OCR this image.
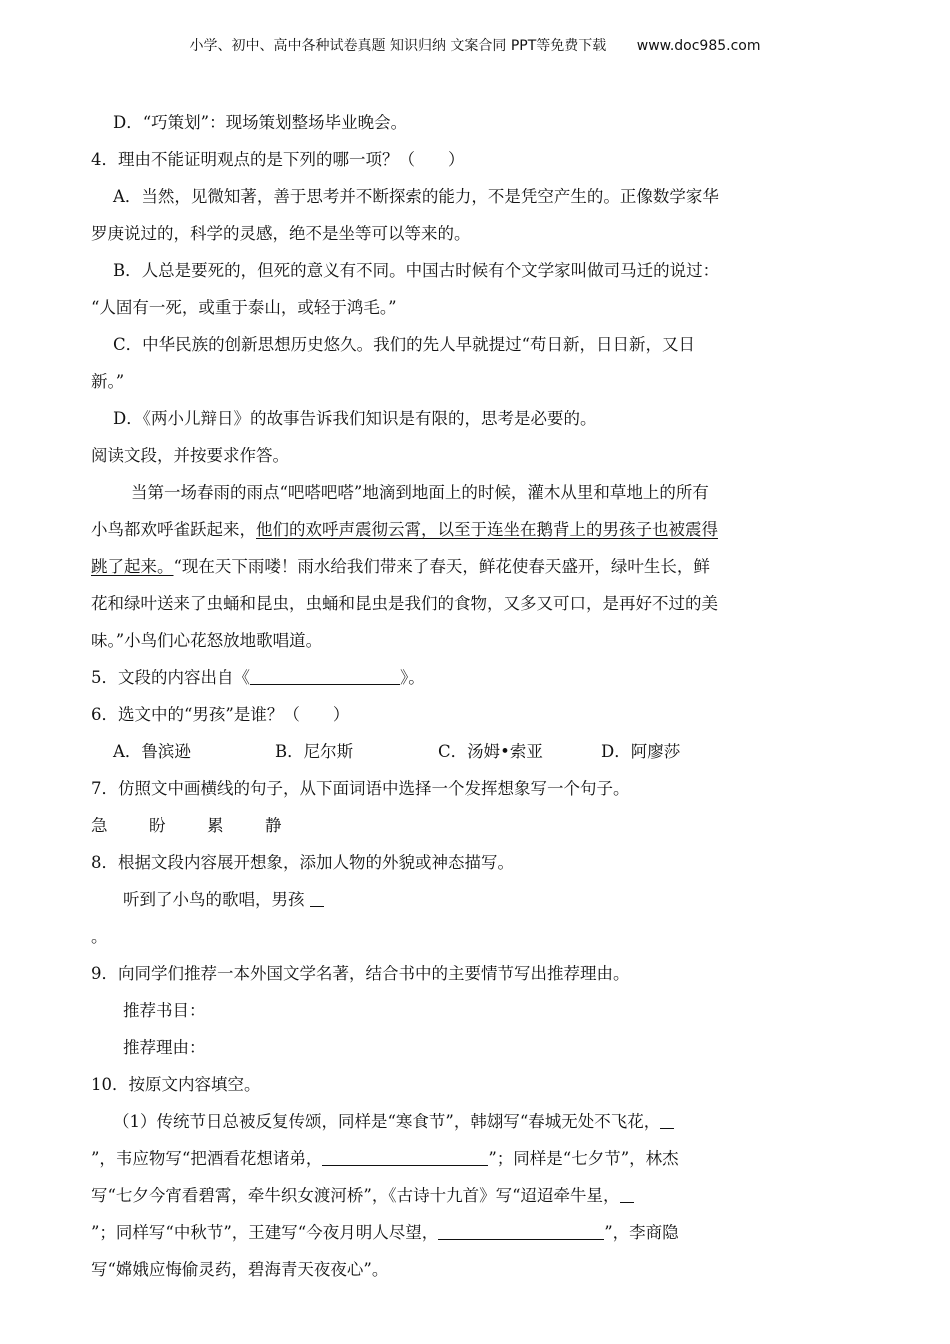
小学、初中、高中各种试卷真题 知识归纳 文案合同 PPT等免费下载 www.doc985.com
D．“巧策划”：现场策划整场毕业晚会。
4．理由不能证明观点的是下列的哪一项？（　　）
A．当然，见微知著，善于思考并不断探索的能力，不是凭空产生的。正像数学家华
罗庚说过的，科学的灵感，绝不是坐等可以等来的。
B．人总是要死的，但死的意义有不同。中国古时候有个文学家叫做司马迁的说过：
“人固有一死，或重于泰山，或轻于鸿毛。”
C．中华民族的创新思想历史悠久。我们的先人早就提过“苟日新，日日新，又日
新。”
D．《两小儿辩日》的故事告诉我们知识是有限的，思考是必要的。
阅读文段，并按要求作答。
当第一场春雨的雨点“吧嗒吧嗒”地滴到地面上的时候，灌木从里和草地上的所有
小鸟都欢呼雀跃起来，他们的欢呼声震彻云霄，以至于连坐在鹅背上的男孩子也被震得
跳了起来。“现在天下雨喽！雨水给我们带来了春天，鲜花使春天盛开，绿叶生长，鲜
花和绿叶送来了虫蛹和昆虫，虫蛹和昆虫是我们的食物，又多又可口，是再好不过的美
味。”小鸟们心花怒放地歌唱道。
5．文段的内容出自《	》。
6．选文中的“男孩”是谁？（　　）
A．鲁滨逊	B．尼尔斯	C．汤姆•索亚	D．阿廖莎
7．仿照文中画横线的句子，从下面词语中选择一个发挥想象写一个句子。
急	盼	累	静
8．根据文段内容展开想象，添加人物的外貌或神态描写。
听到了小鸟的歌唱，男孩
。
9．向同学们推荐一本外国文学名著，结合书中的主要情节写出推荐理由。
推荐书目：
推荐理由：
10．按原文内容填空。
（1）传统节日总被反复传颂，同样是“寒食节”，韩翃写“春城无处不飞花，
”，韦应物写“把酒看花想诸弟，	”；同样是“七夕节”，林杰
写“七夕今宵看碧霄，牵牛织女渡河桥”，《古诗十九首》写“迢迢牵牛星，
”；同样写“中秋节”，王建写“今夜月明人尽望，	”，李商隐
写“嫦娥应悔偷灵药，碧海青天夜夜心”。
